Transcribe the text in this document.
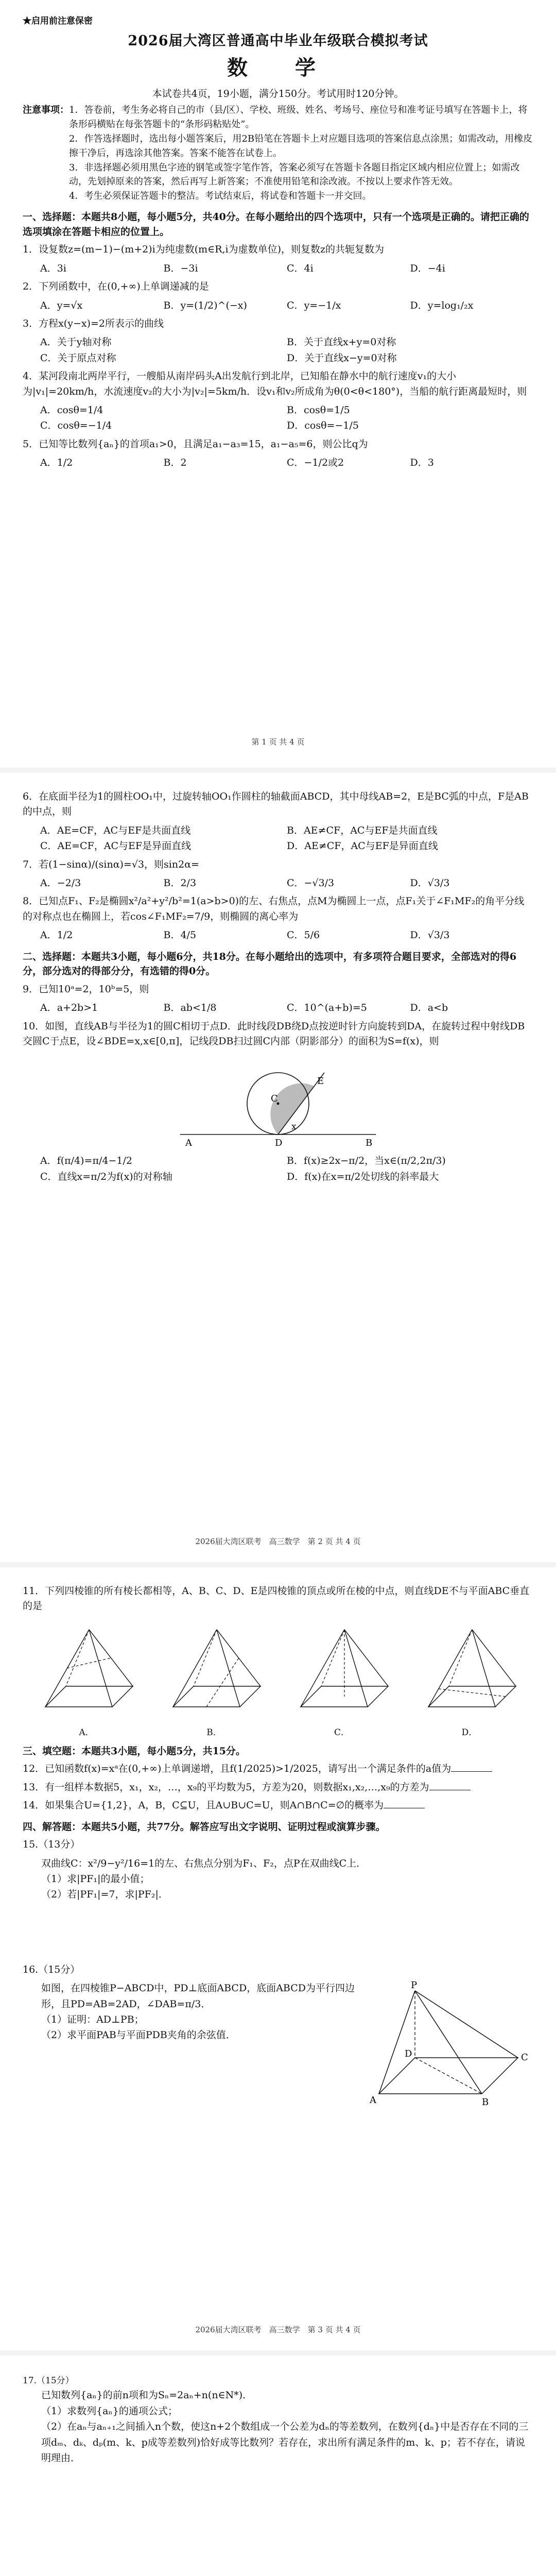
★启用前注意保密
2026届大湾区普通高中毕业年级联合模拟考试
数　学
本试卷共4页，19小题，满分150分。考试用时120分钟。
注意事项： 1．答卷前，考生务必将自己的市（县/区）、学校、班级、姓名、考场号、座位号和准考证号填写在答题卡上，将条形码横贴在每张答题卡的“条形码粘贴处”。
2．作答选择题时，选出每小题答案后，用2B铅笔在答题卡上对应题目选项的答案信息点涂黑；如需改动，用橡皮擦干净后，再选涂其他答案。答案不能答在试卷上。
3．非选择题必须用黑色字迹的钢笔或签字笔作答，答案必须写在答题卡各题目指定区域内相应位置上；如需改动，先划掉原来的答案，然后再写上新答案；不准使用铅笔和涂改液。不按以上要求作答无效。
4．考生必须保证答题卡的整洁。考试结束后，将试卷和答题卡一并交回。
一、选择题：本题共8小题，每小题5分，共40分。在每小题给出的四个选项中，只有一个选项是正确的。请把正确的选项填涂在答题卡相应的位置上。
1．设复数z=(m−1)−(m+2)i为纯虚数(m∈R,i为虚数单位)，则复数z的共轭复数为
A．3i	B．−3i	C．4i	D．−4i
2．下列函数中，在(0,+∞)上单调递减的是
A．y=√x	B．y=(1/2)^(−x)	C．y=−1/x	D．y=log₁/₂x
3．方程x(y−x)=2所表示的曲线
A．关于y轴对称	B．关于直线x+y=0对称
C．关于原点对称	D．关于直线x−y=0对称
4．某河段南北两岸平行，一艘船从南岸码头A出发航行到北岸，已知船在静水中的航行速度v₁的大小为|v₁|=20km/h，水流速度v₂的大小为|v₂|=5km/h．设v₁和v₂所成角为θ(0<θ<180°)，当船的航行距离最短时，则
A．cosθ=1/4	B．cosθ=1/5
C．cosθ=−1/4	D．cosθ=−1/5
5．已知等比数列{aₙ}的首项a₁>0，且满足a₁−a₃=15，a₁−a₅=6，则公比q为
A．1/2	B．2	C．−1/2或2	D．3
第 1 页 共 4 页
6．在底面半径为1的圆柱OO₁中，过旋转轴OO₁作圆柱的轴截面ABCD，其中母线AB=2，E是BC弧的中点，F是AB的中点，则
A．AE=CF，AC与EF是共面直线	B．AE≠CF，AC与EF是共面直线
C．AE=CF，AC与EF是异面直线	D．AE≠CF，AC与EF是异面直线
7．若(1−sinα)/(sinα)=√3，则sin2α=
A．−2/3	B．2/3	C．−√3/3	D．√3/3
8．已知点F₁、F₂是椭圆x²/a²+y²/b²=1(a>b>0)的左、右焦点，点M为椭圆上一点，点F₁关于∠F₁MF₂的角平分线的对称点也在椭圆上，若cos∠F₁MF₂=7/9，则椭圆的离心率为
A．1/2	B．4/5	C．5/6	D．√3/3
二、选择题：本题共3小题，每小题6分，共18分。在每小题给出的选项中，有多项符合题目要求，全部选对的得6分，部分选对的得部分分，有选错的得0分。
9．已知10ᵃ=2，10ᵇ=5，则
A．a+2b>1	B．ab<1/8	C．10^(a+b)=5	D．a<b
10．如图，直线AB与半径为1的圆C相切于点D．此时线段DB绕D点按逆时针方向旋转到DA，在旋转过程中射线DB交圆C于点E，设∠BDE=x,x∈[0,π]，记线段DB扫过圆C内部（阴影部分）的面积为S=f(x)，则
A	B
C
D
E
x
A．f(π/4)=π/4−1/2	B．f(x)≥2x−π/2，当x∈(π/2,2π/3)
C．直线x=π/2为f(x)的对称轴	D．f(x)在x=π/2处切线的斜率最大
2026届大湾区联考　高三数学　第 2 页 共 4 页
11．下列四棱锥的所有棱长都相等，A、B、C、D、E是四棱锥的顶点或所在棱的中点，则直线DE不与平面ABC垂直的是
A．	B．	C．	D．
三、填空题：本题共3小题，每小题5分，共15分。
12．已知函数f(x)=xᵃ在(0,+∞)上单调递增，且f(1/2025)>1/2025，请写出一个满足条件的a值为
13．有一组样本数据5，x₁，x₂，…，x₉的平均数为5，方差为20，则数据x₁,x₂,…,x₉的方差为
14．如果集合U={1,2}，A，B，C⊆U，且A∪B∪C=U，则A∩B∩C=∅的概率为
四、解答题：本题共5小题，共77分。解答应写出文字说明、证明过程或演算步骤。
15.（13分）
双曲线C：x²/9−y²/16=1的左、右焦点分别为F₁、F₂，点P在双曲线C上．
（1）求|PF₁|的最小值；
（2）若|PF₁|=7，求|PF₂|．
16.（15分）
如图，在四棱锥P−ABCD中，PD⊥底面ABCD，底面ABCD为平行四边形，且PD=AB=2AD，∠DAB=π/3．
（1）证明：AD⊥PB；
（2）求平面PAB与平面PDB夹角的余弦值．
P
A	B
C
D
2026届大湾区联考　高三数学　第 3 页 共 4 页
17.（15分）
已知数列{aₙ}的前n项和为Sₙ=2aₙ+n(n∈N*)．
（1）求数列{aₙ}的通项公式；
（2）在aₙ与aₙ₊₁之间插入n个数，使这n+2个数组成一个公差为dₙ的等差数列，在数列{dₙ}中是否存在不同的三项dₘ、dₖ、dₚ(m、k、p成等差数列)恰好成等比数列？若存在，求出所有满足条件的m、k、p；若不存在，请说明理由．
